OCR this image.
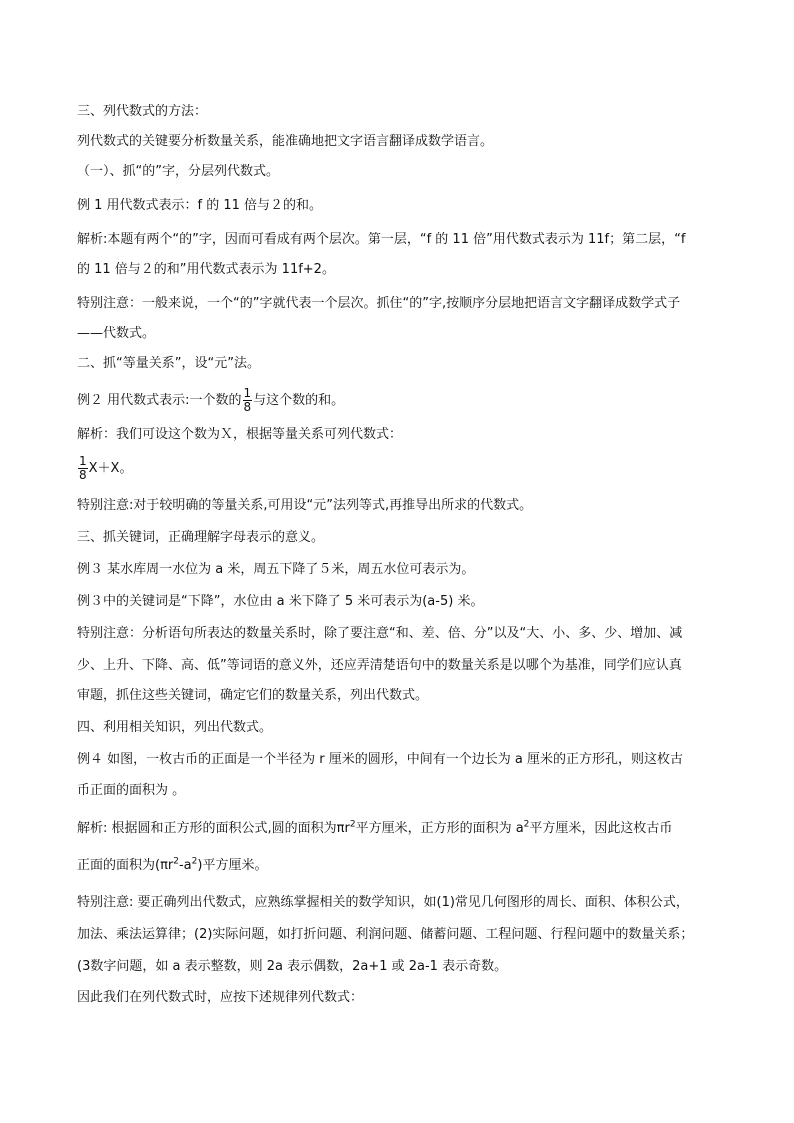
三、列代数式的方法：
列代数式的关键要分析数量关系，能准确地把文字语言翻译成数学语言。
（一）、抓“的”字，分层列代数式。
例 1 用代数式表示：f 的 11 倍与２的和。
解析:本题有两个“的”字，因而可看成有两个层次。第一层，“f 的 11 倍”用代数式表示为 11f；第二层，“f
的 11 倍与２的和”用代数式表示为 11f+2。
特别注意：一般来说，一个“的”字就代表一个层次。抓住“的”字,按顺序分层地把语言文字翻译成数学式子
——代数式。
二、抓“等量关系”，设“元”法。
例２ 用代数式表示:一个数的 $\frac{1}{8}$ 与这个数的和。
解析：我们可设这个数为Ｘ，根据等量关系可列代数式：
$\frac{1}{8} X+X$。
特别注意:对于较明确的等量关系,可用设“元”法列等式,再推导出所求的代数式。
三、抓关键词，正确理解字母表示的意义。
例３ 某水库周一水位为 a 米，周五下降了５米，周五水位可表示为。
例３中的关键词是“下降”，水位由 a 米下降了 5 米可表示为(a-5) 米。
特别注意：分析语句所表达的数量关系时，除了要注意“和、差、倍、分”以及“大、小、多、少、增加、减
少、上升、下降、高、低”等词语的意义外，还应弄清楚语句中的数量关系是以哪个为基准，同学们应认真
审题，抓住这些关键词，确定它们的数量关系，列出代数式。
四、利用相关知识，列出代数式。
例４ 如图，一枚古币的正面是一个半径为 r 厘米的圆形，中间有一个边长为 a 厘米的正方形孔，则这枚古
币正面的面积为 。
解析: 根据圆和正方形的面积公式,圆的面积为$\pi r^2$平方厘米，正方形的面积为 $a^2$平方厘米，因此这枚古币
正面的面积为$(\pi r^2-a^2)$平方厘米。
特别注意: 要正确列出代数式，应熟练掌握相关的数学知识，如(1)常见几何图形的周长、面积、体积公式，
加法、乘法运算律；(2)实际问题，如打折问题、利润问题、储蓄问题、工程问题、行程问题中的数量关系；
(3数字问题，如 a 表示整数，则 2a 表示偶数，2a+1 或 2a-1 表示奇数。
因此我们在列代数式时，应按下述规律列代数式：
